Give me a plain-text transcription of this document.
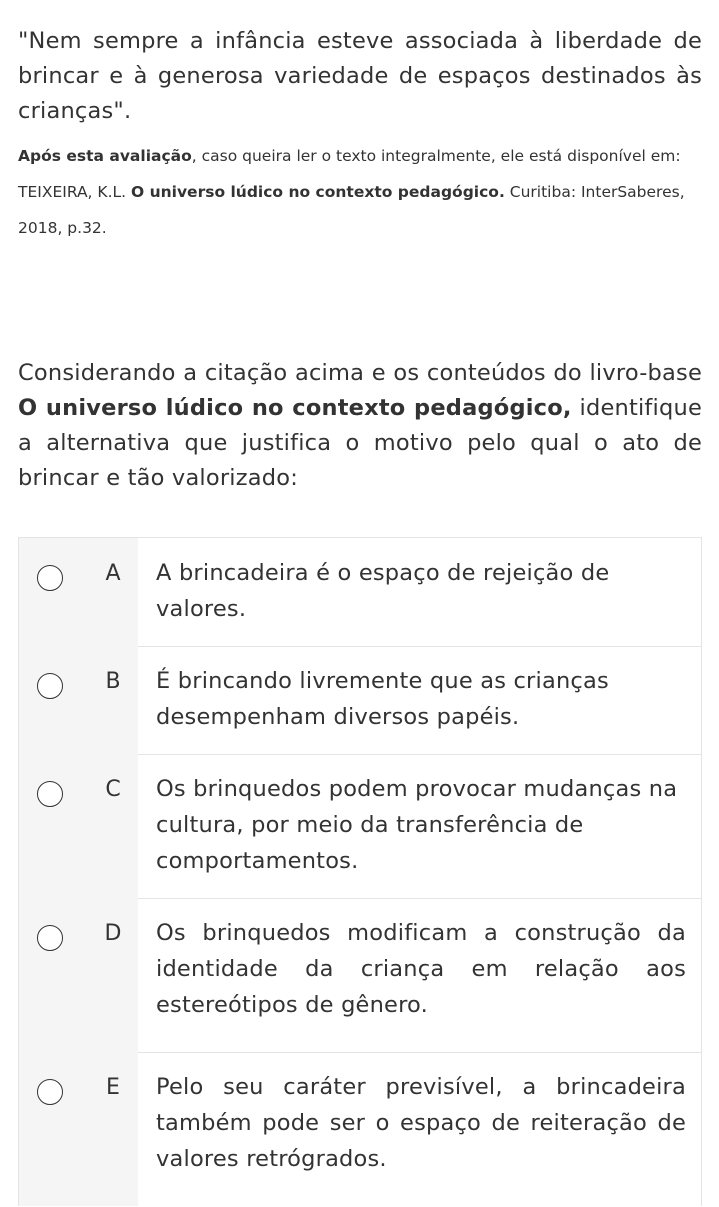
"Nem sempre a infância esteve associada à liberdade de brincar e à generosa variedade de espaços destinados às crianças".

Após esta avaliação, caso queira ler o texto integralmente, ele está disponível em:

TEIXEIRA, K.L. O universo lúdico no contexto pedagógico. Curitiba: InterSaberes,

2018, p.32.

Considerando a citação acima e os conteúdos do livro-base O universo lúdico no contexto pedagógico, identifique a alternativa que justifica o motivo pelo qual o ato de brincar e tão valorizado:

A A brincadeira é o espaço de rejeição de valores.
B É brincando livremente que as crianças desempenham diversos papéis.
C Os brinquedos podem provocar mudanças na cultura, por meio da transferência de comportamentos.
D Os brinquedos modificam a construção da identidade da criança em relação aos estereótipos de gênero.
E Pelo seu caráter previsível, a brincadeira também pode ser o espaço de reiteração de valores retrógrados.
